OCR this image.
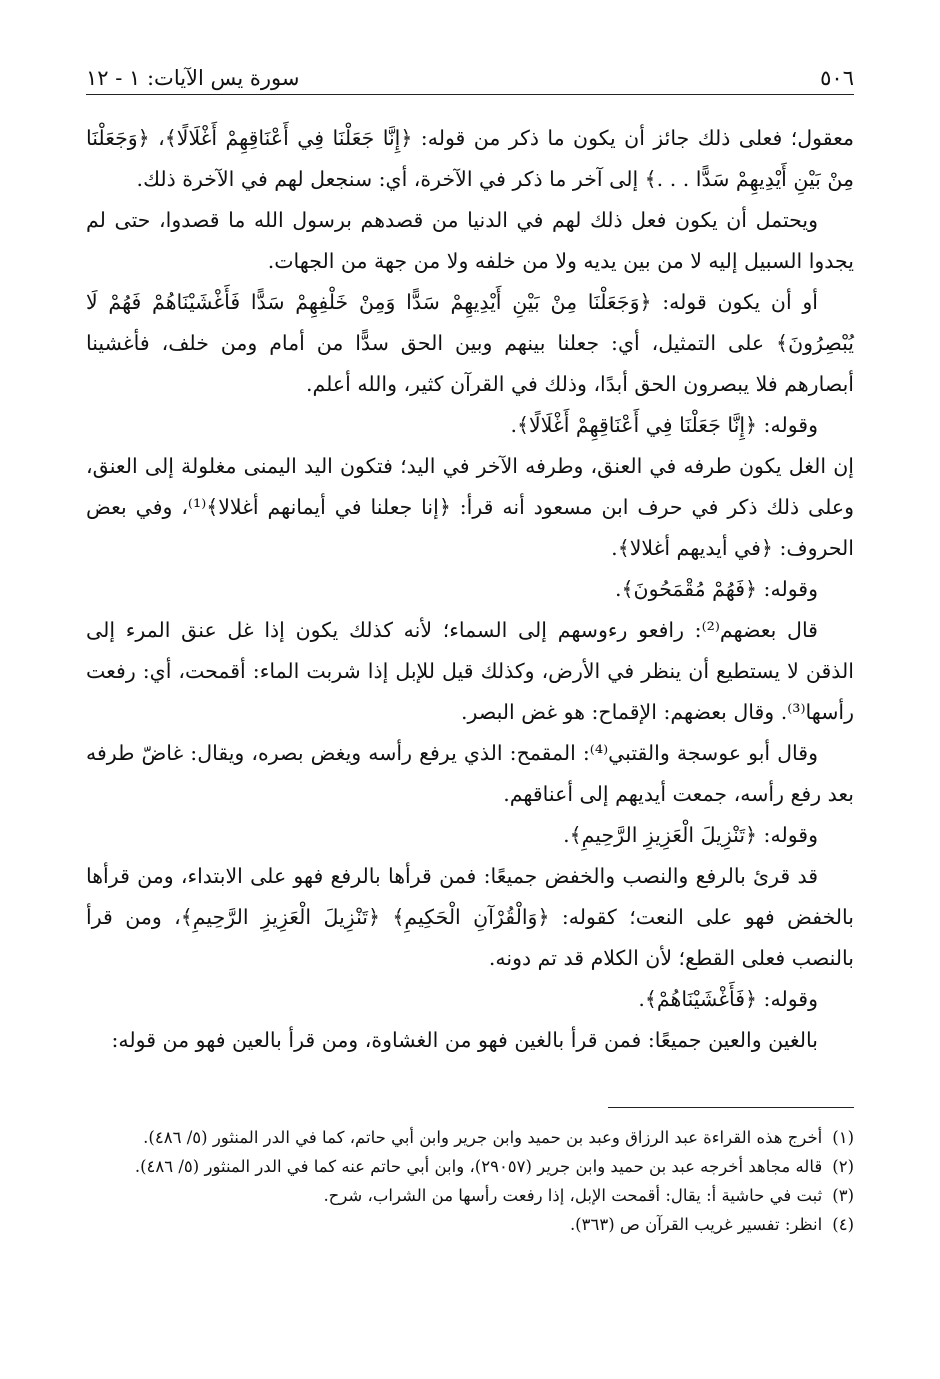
٥٠٦
سورة يس الآيات: ١ - ١٢

معقول؛ فعلى ذلك جائز أن يكون ما ذكر من قوله: ﴿إِنَّا جَعَلْنَا فِي أَعْنَاقِهِمْ أَغْلَالًا﴾، ﴿وَجَعَلْنَا مِنْ بَيْنِ أَيْدِيهِمْ سَدًّا . . .﴾ إلى آخر ما ذكر في الآخرة، أي: سنجعل لهم في الآخرة ذلك.

ويحتمل أن يكون فعل ذلك لهم في الدنيا من قصدهم برسول الله ما قصدوا، حتى لم يجدوا السبيل إليه لا من بين يديه ولا من خلفه ولا من جهة من الجهات.

أو أن يكون قوله: ﴿وَجَعَلْنَا مِنْ بَيْنِ أَيْدِيهِمْ سَدًّا وَمِنْ خَلْفِهِمْ سَدًّا فَأَغْشَيْنَاهُمْ فَهُمْ لَا يُبْصِرُونَ﴾ على التمثيل، أي: جعلنا بينهم وبين الحق سدًّا من أمام ومن خلف، فأغشينا أبصارهم فلا يبصرون الحق أبدًا، وذلك في القرآن كثير، والله أعلم.

وقوله: ﴿إِنَّا جَعَلْنَا فِي أَعْنَاقِهِمْ أَغْلَالًا﴾.

إن الغل يكون طرفه في العنق، وطرفه الآخر في اليد؛ فتكون اليد اليمنى مغلولة إلى العنق، وعلى ذلك ذكر في حرف ابن مسعود أنه قرأ: ﴿إنا جعلنا في أيمانهم أغلالا﴾⁽¹⁾، وفي بعض الحروف: ﴿في أيديهم أغلالا﴾.

وقوله: ﴿فَهُمْ مُقْمَحُونَ﴾.

قال بعضهم⁽²⁾: رافعو رءوسهم إلى السماء؛ لأنه كذلك يكون إذا غل عنق المرء إلى الذقن لا يستطيع أن ينظر في الأرض، وكذلك قيل للإبل إذا شربت الماء: أقمحت، أي: رفعت رأسها⁽³⁾. وقال بعضهم: الإقماح: هو غض البصر.

وقال أبو عوسجة والقتبي⁽⁴⁾: المقمح: الذي يرفع رأسه ويغض بصره، ويقال: غاضّ طرفه بعد رفع رأسه، جمعت أيديهم إلى أعناقهم.

وقوله: ﴿تَنْزِيلَ الْعَزِيزِ الرَّحِيمِ﴾.

قد قرئ بالرفع والنصب والخفض جميعًا: فمن قرأها بالرفع فهو على الابتداء، ومن قرأها بالخفض فهو على النعت؛ كقوله: ﴿وَالْقُرْآنِ الْحَكِيمِ﴾ ﴿تَنْزِيلَ الْعَزِيزِ الرَّحِيمِ﴾، ومن قرأ بالنصب فعلى القطع؛ لأن الكلام قد تم دونه.

وقوله: ﴿فَأَغْشَيْنَاهُمْ﴾.

بالغين والعين جميعًا: فمن قرأ بالغين فهو من الغشاوة، ومن قرأ بالعين فهو من قوله:

(١)
أخرج هذه القراءة عبد الرزاق وعبد بن حميد وابن جرير وابن أبي حاتم، كما في الدر المنثور (٥/ ٤٨٦).
(٢)
قاله مجاهد أخرجه عبد بن حميد وابن جرير (٢٩٠٥٧)، وابن أبي حاتم عنه كما في الدر المنثور (٥/ ٤٨٦).
(٣)
ثبت في حاشية أ: يقال: أقمحت الإبل، إذا رفعت رأسها من الشراب، شرح.
(٤)
انظر: تفسير غريب القرآن ص (٣٦٣).
